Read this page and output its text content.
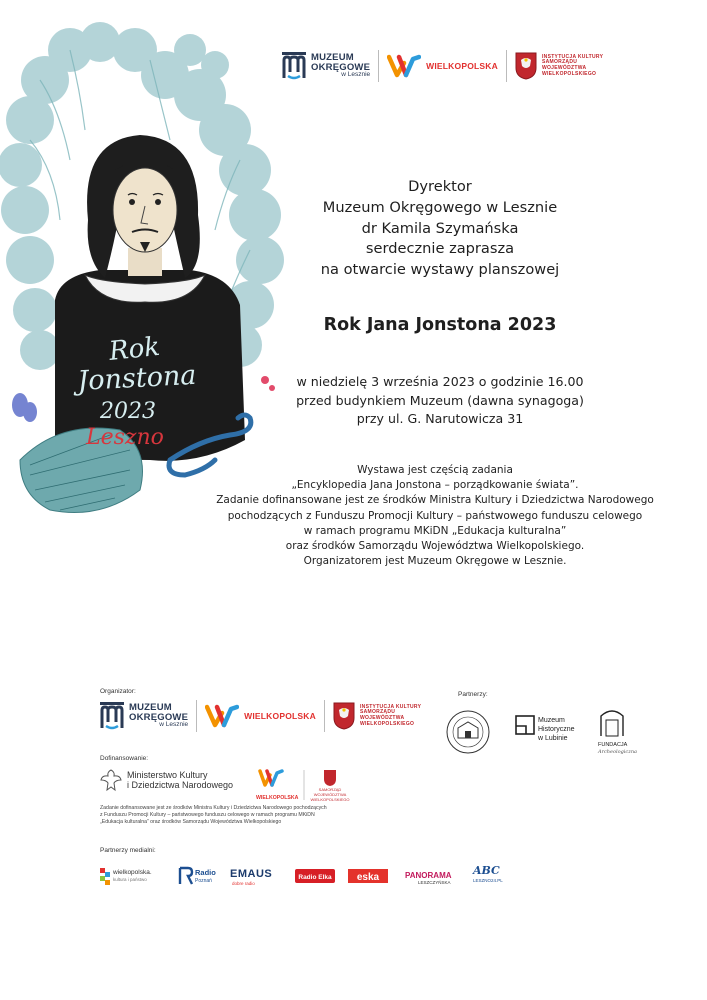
MUZEUM
OKRĘGOWE
w Lesznie
WIELKOPOLSKA
INSTYTUCJA KULTURY
SAMORZĄDU
WOJEWÓDZTWA
WIELKOPOLSKIEGO
Rok
Jonstona
2023
Leszno
Dyrektor
Muzeum Okręgowego w Lesznie
dr Kamila Szymańska
serdecznie zaprasza
na otwarcie wystawy planszowej
Rok Jana Jonstona 2023
w niedzielę 3 września 2023 o godzinie 16.00
przed budynkiem Muzeum (dawna synagoga)
przy ul. G. Narutowicza 31
Wystawa jest częścią zadania
„Encyklopedia Jana Jonstona – porządkowanie świata”.
Zadanie dofinansowane jest ze środków Ministra Kultury i Dziedzictwa Narodowego
pochodzących z Funduszu Promocji Kultury – państwowego funduszu celowego
w ramach programu MKiDN „Edukacja kulturalna”
oraz środków Samorządu Województwa Wielkopolskiego.
Organizatorem jest Muzeum Okręgowe w Lesznie.
Organizator:	Partnerzy:
MUZEUM
OKRĘGOWE
w Lesznie
WIELKOPOLSKA
INSTYTUCJA KULTURY
SAMORZĄDU
WOJEWÓDZTWA
WIELKOPOLSKIEGO	Muzeum
Historyczne
w Lubinie
FUNDACJA
Archeologiczna
Dofinansowanie:
Ministerstwo Kultury
i Dziedzictwa Narodowego
WIELKOPOLSKA
SAMORZĄD
WOJEWÓDZTWA
WIELKOPOLSKIEGO
Zadanie dofinansowane jest ze środków Ministra Kultury i Dziedzictwa Narodowego pochodzących
z Funduszu Promocji Kultury – państwowego funduszu celowego w ramach programu MKiDN
„Edukacja kulturalna” oraz środków Samorządu Województwa Wielkopolskiego
Partnerzy medialni:
wielkopolska.
kultura i państwo
Radio
Poznań
EMAUS
dobre radio
Radio Elka	eska	PANORAMA
LESZCZYŃSKA
ABC
LESZNO24.PL
